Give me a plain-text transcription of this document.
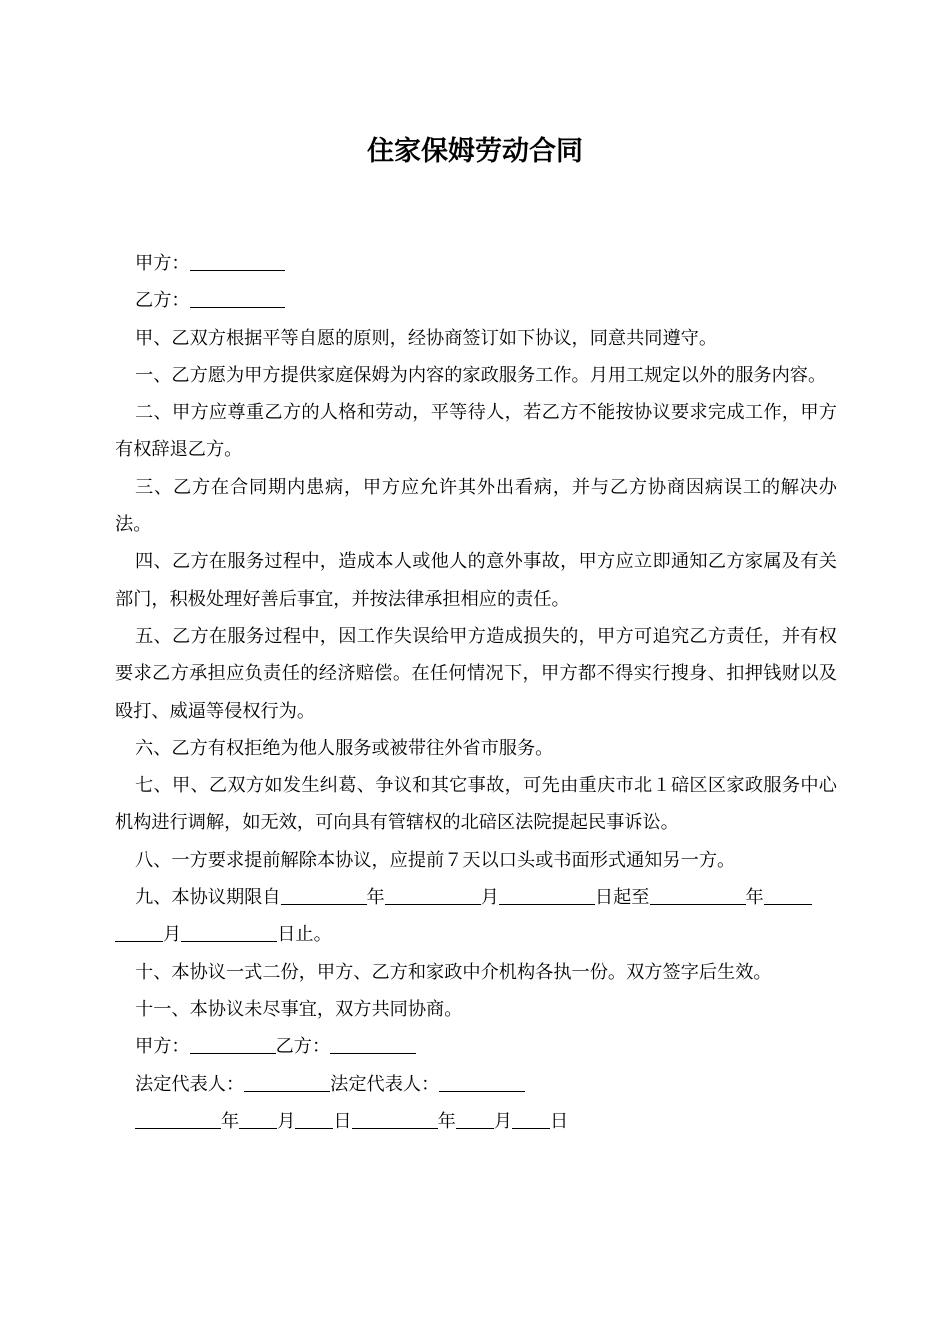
住家保姆劳动合同
甲方：
乙方：

甲、乙双方根据平等自愿的原则，经协商签订如下协议，同意共同遵守。

一、乙方愿为甲方提供家庭保姆为内容的家政服务工作。月用工规定以外的服务内容。

二、甲方应尊重乙方的人格和劳动，平等待人，若乙方不能按协议要求完成工作，甲方有权辞退乙方。

三、乙方在合同期内患病，甲方应允许其外出看病，并与乙方协商因病误工的解决办法。

四、乙方在服务过程中，造成本人或他人的意外事故，甲方应立即通知乙方家属及有关部门，积极处理好善后事宜，并按法律承担相应的责任。

五、乙方在服务过程中，因工作失误给甲方造成损失的，甲方可追究乙方责任，并有权要求乙方承担应负责任的经济赔偿。在任何情况下，甲方都不得实行搜身、扣押钱财以及殴打、威逼等侵权行为。

六、乙方有权拒绝为他人服务或被带往外省市服务。

七、甲、乙双方如发生纠葛、争议和其它事故，可先由重庆市北１碚区区家政服务中心机构进行调解，如无效，可向具有管辖权的北碚区法院提起民事诉讼。

八、一方要求提前解除本协议，应提前７天以口头或书面形式通知另一方。

九、本协议期限自	年	月	日起至	年
月	日止。

十、本协议一式二份，甲方、乙方和家政中介机构各执一份。双方签字后生效。

十一、本协议未尽事宜，双方共同协商。

甲方：	乙方：
法定代表人：	法定代表人：
年 月 日	年 月 日
